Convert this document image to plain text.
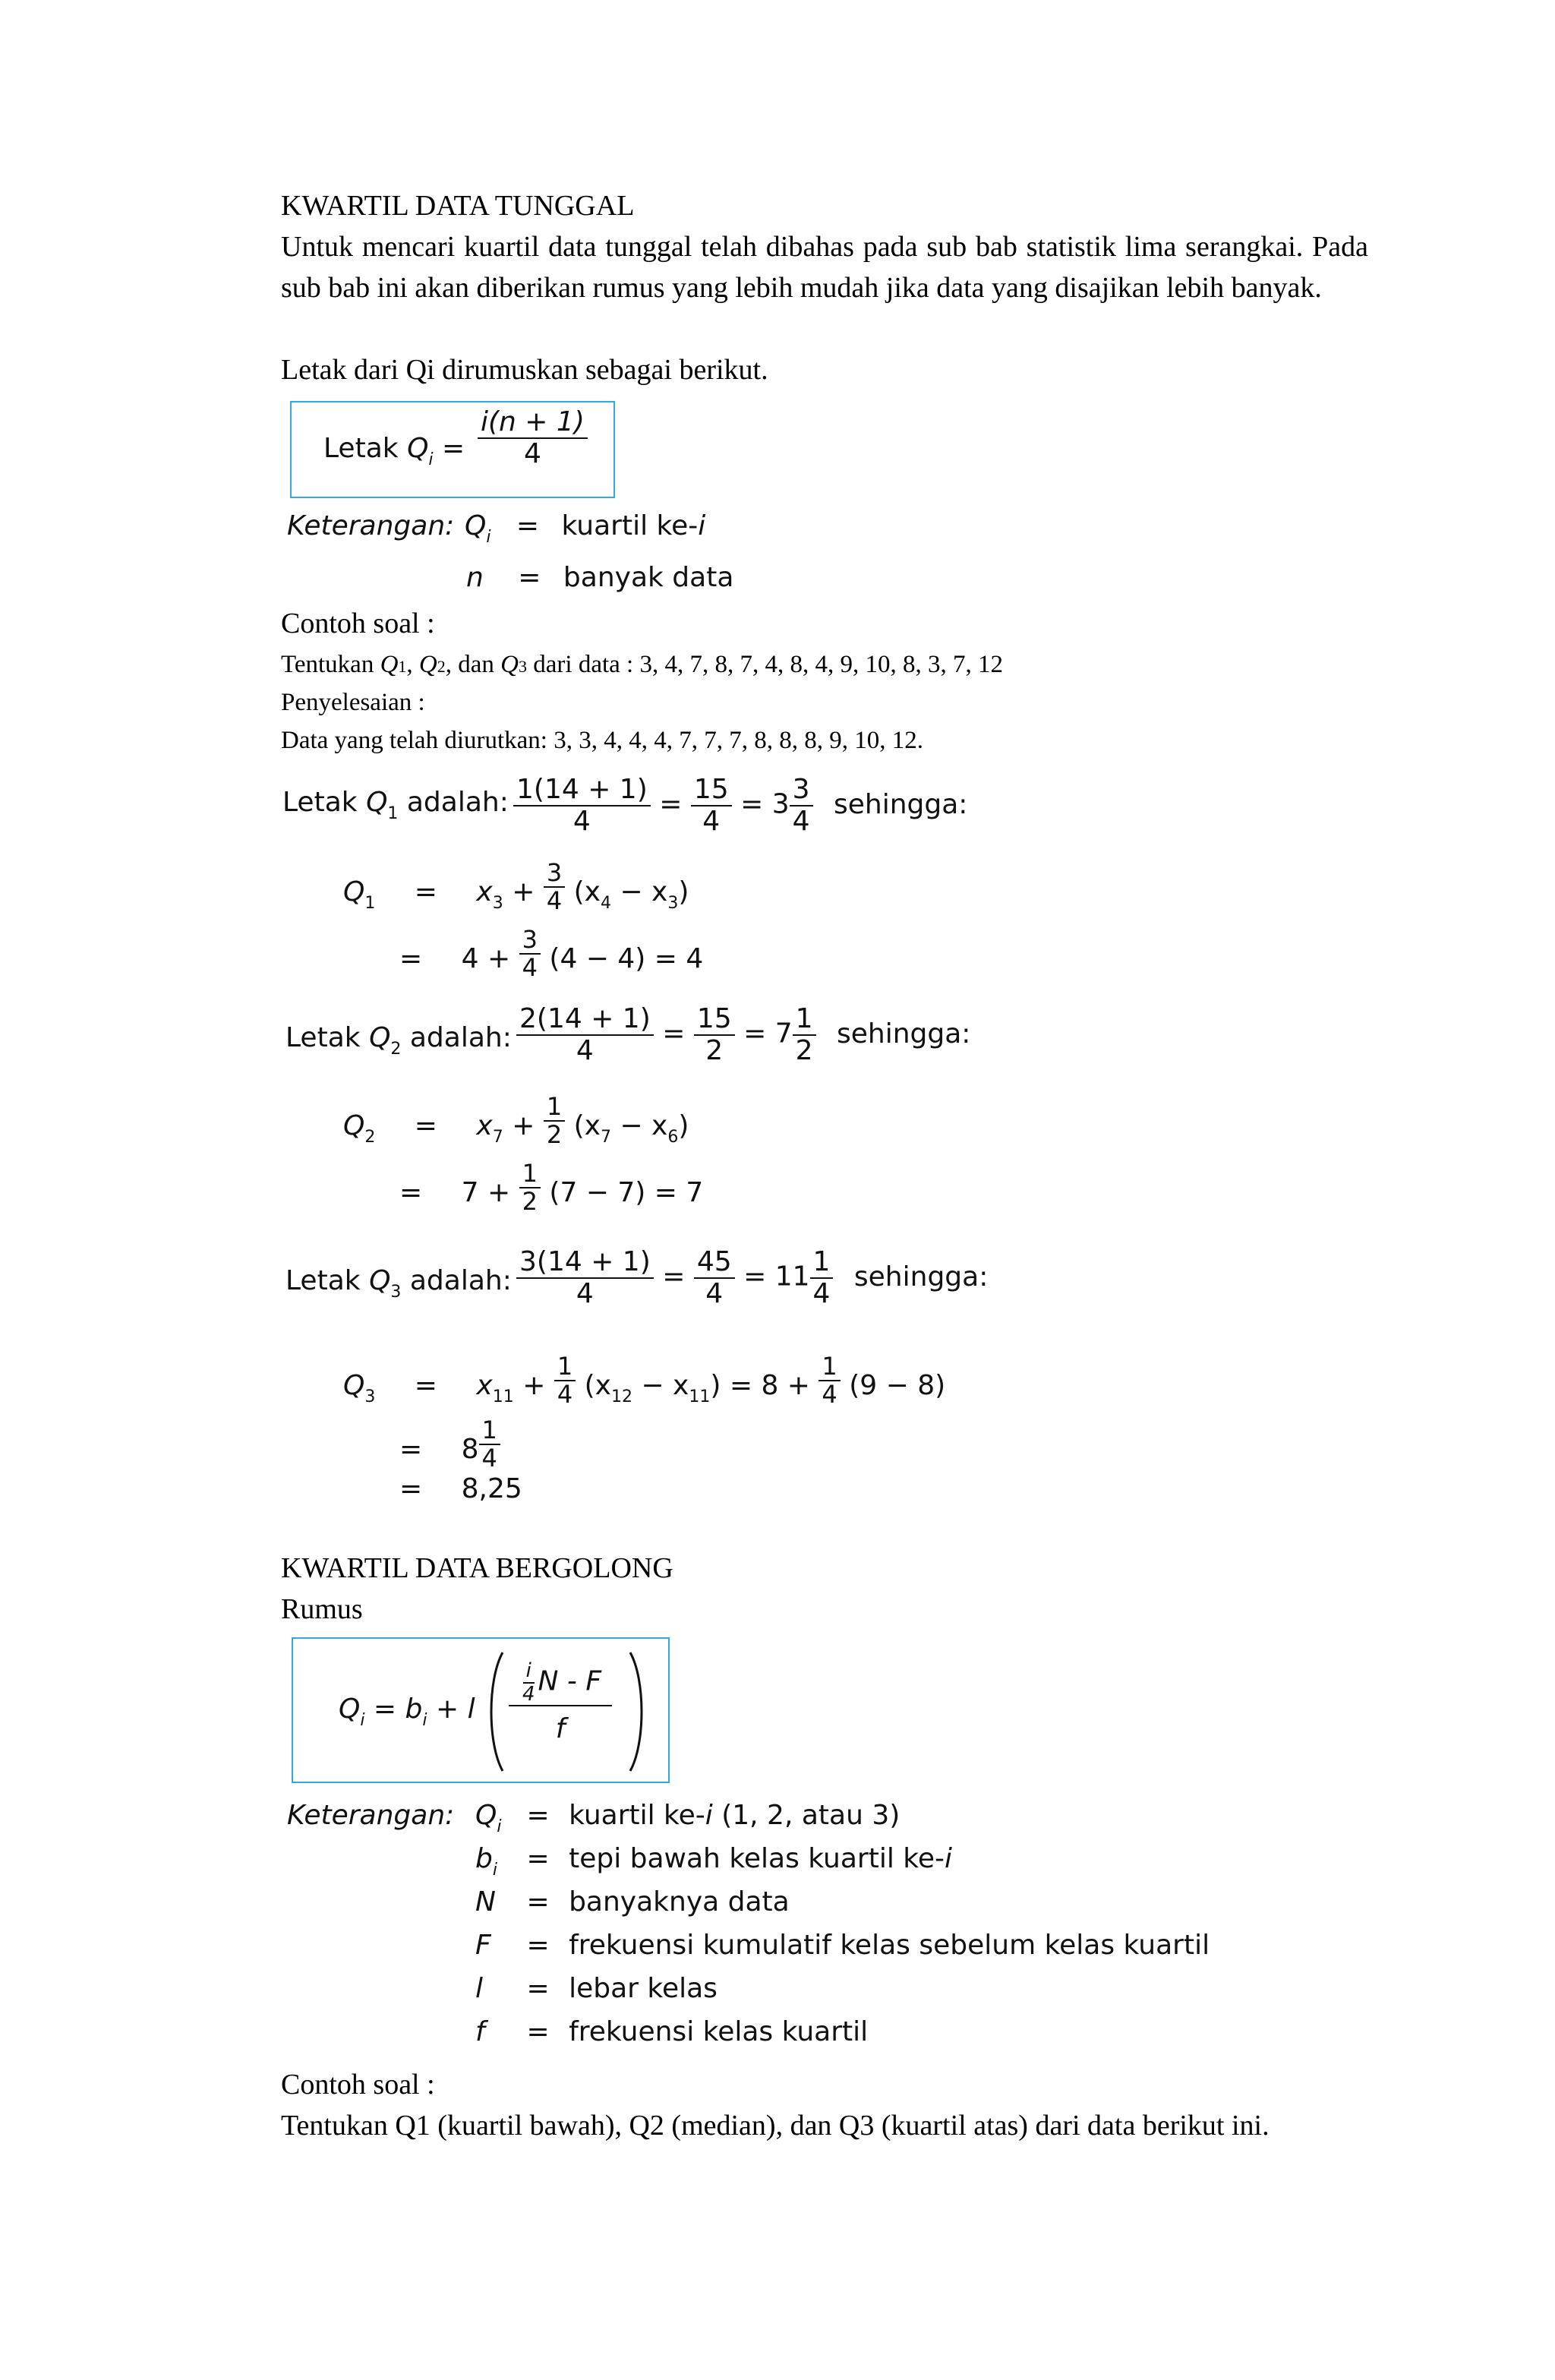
KWARTIL DATA TUNGGAL
Untuk mencari kuartil data tunggal telah dibahas pada sub bab statistik lima serangkai. Pada sub bab ini akan diberikan rumus yang lebih mudah jika data yang disajikan lebih banyak.
Letak dari Qi dirumuskan sebagai berikut.
Letak $Q_i = \frac{i(n + 1)}{4}$
Keterangan: $Q_i$ = kuartil ke-i
n = banyak data
Contoh soal :
Tentukan Q1, Q2, dan Q3 dari data : 3, 4, 7, 8, 7, 4, 8, 4, 9, 10, 8, 3, 7, 12
Penyelesaian :
Data yang telah diurutkan: 3, 3, 4, 4, 4, 7, 7, 7, 8, 8, 8, 9, 10, 12.
Letak $Q_1$ adalah: $\frac{1(14 + 1)}{4} = \frac{15}{4} = 3 \frac{3}{4}$ sehingga:
$Q_1 = x_3 + \frac{3}{4} (x_4 - x_3)$
= $4 + \frac{3}{4} (4 - 4) = 4$
Letak $Q_2$ adalah: $\frac{2(14 + 1)}{4} = \frac{15}{2} = 7 \frac{1}{2}$ sehingga:
$Q_2 = x_7 + \frac{1}{2} (x_7 - x_6)$
= $7 + \frac{1}{2} (7 - 7) = 7$
Letak $Q_3$ adalah: $\frac{3(14 + 1)}{4} = \frac{45}{4} = 11 \frac{1}{4}$ sehingga:
$Q_3 = x_{11} + \frac{1}{4} (x_{12} - x_{11}) = 8 + \frac{1}{4} (9 - 8)$
= $8 \frac{1}{4}$
= 8,25
KWARTIL DATA BERGOLONG
Rumus
$Q_i = b_i + l \frac{\frac{i}{4} N - F}{f}$
Keterangan: $Q_i$ = kuartil ke-i (1, 2, atau 3)
$b_i$ = tepi bawah kelas kuartil ke-i
N = banyaknya data
F = frekuensi kumulatif kelas sebelum kelas kuartil
l = lebar kelas
f = frekuensi kelas kuartil
Contoh soal :
Tentukan Q1 (kuartil bawah), Q2 (median), dan Q3 (kuartil atas) dari data berikut ini.
